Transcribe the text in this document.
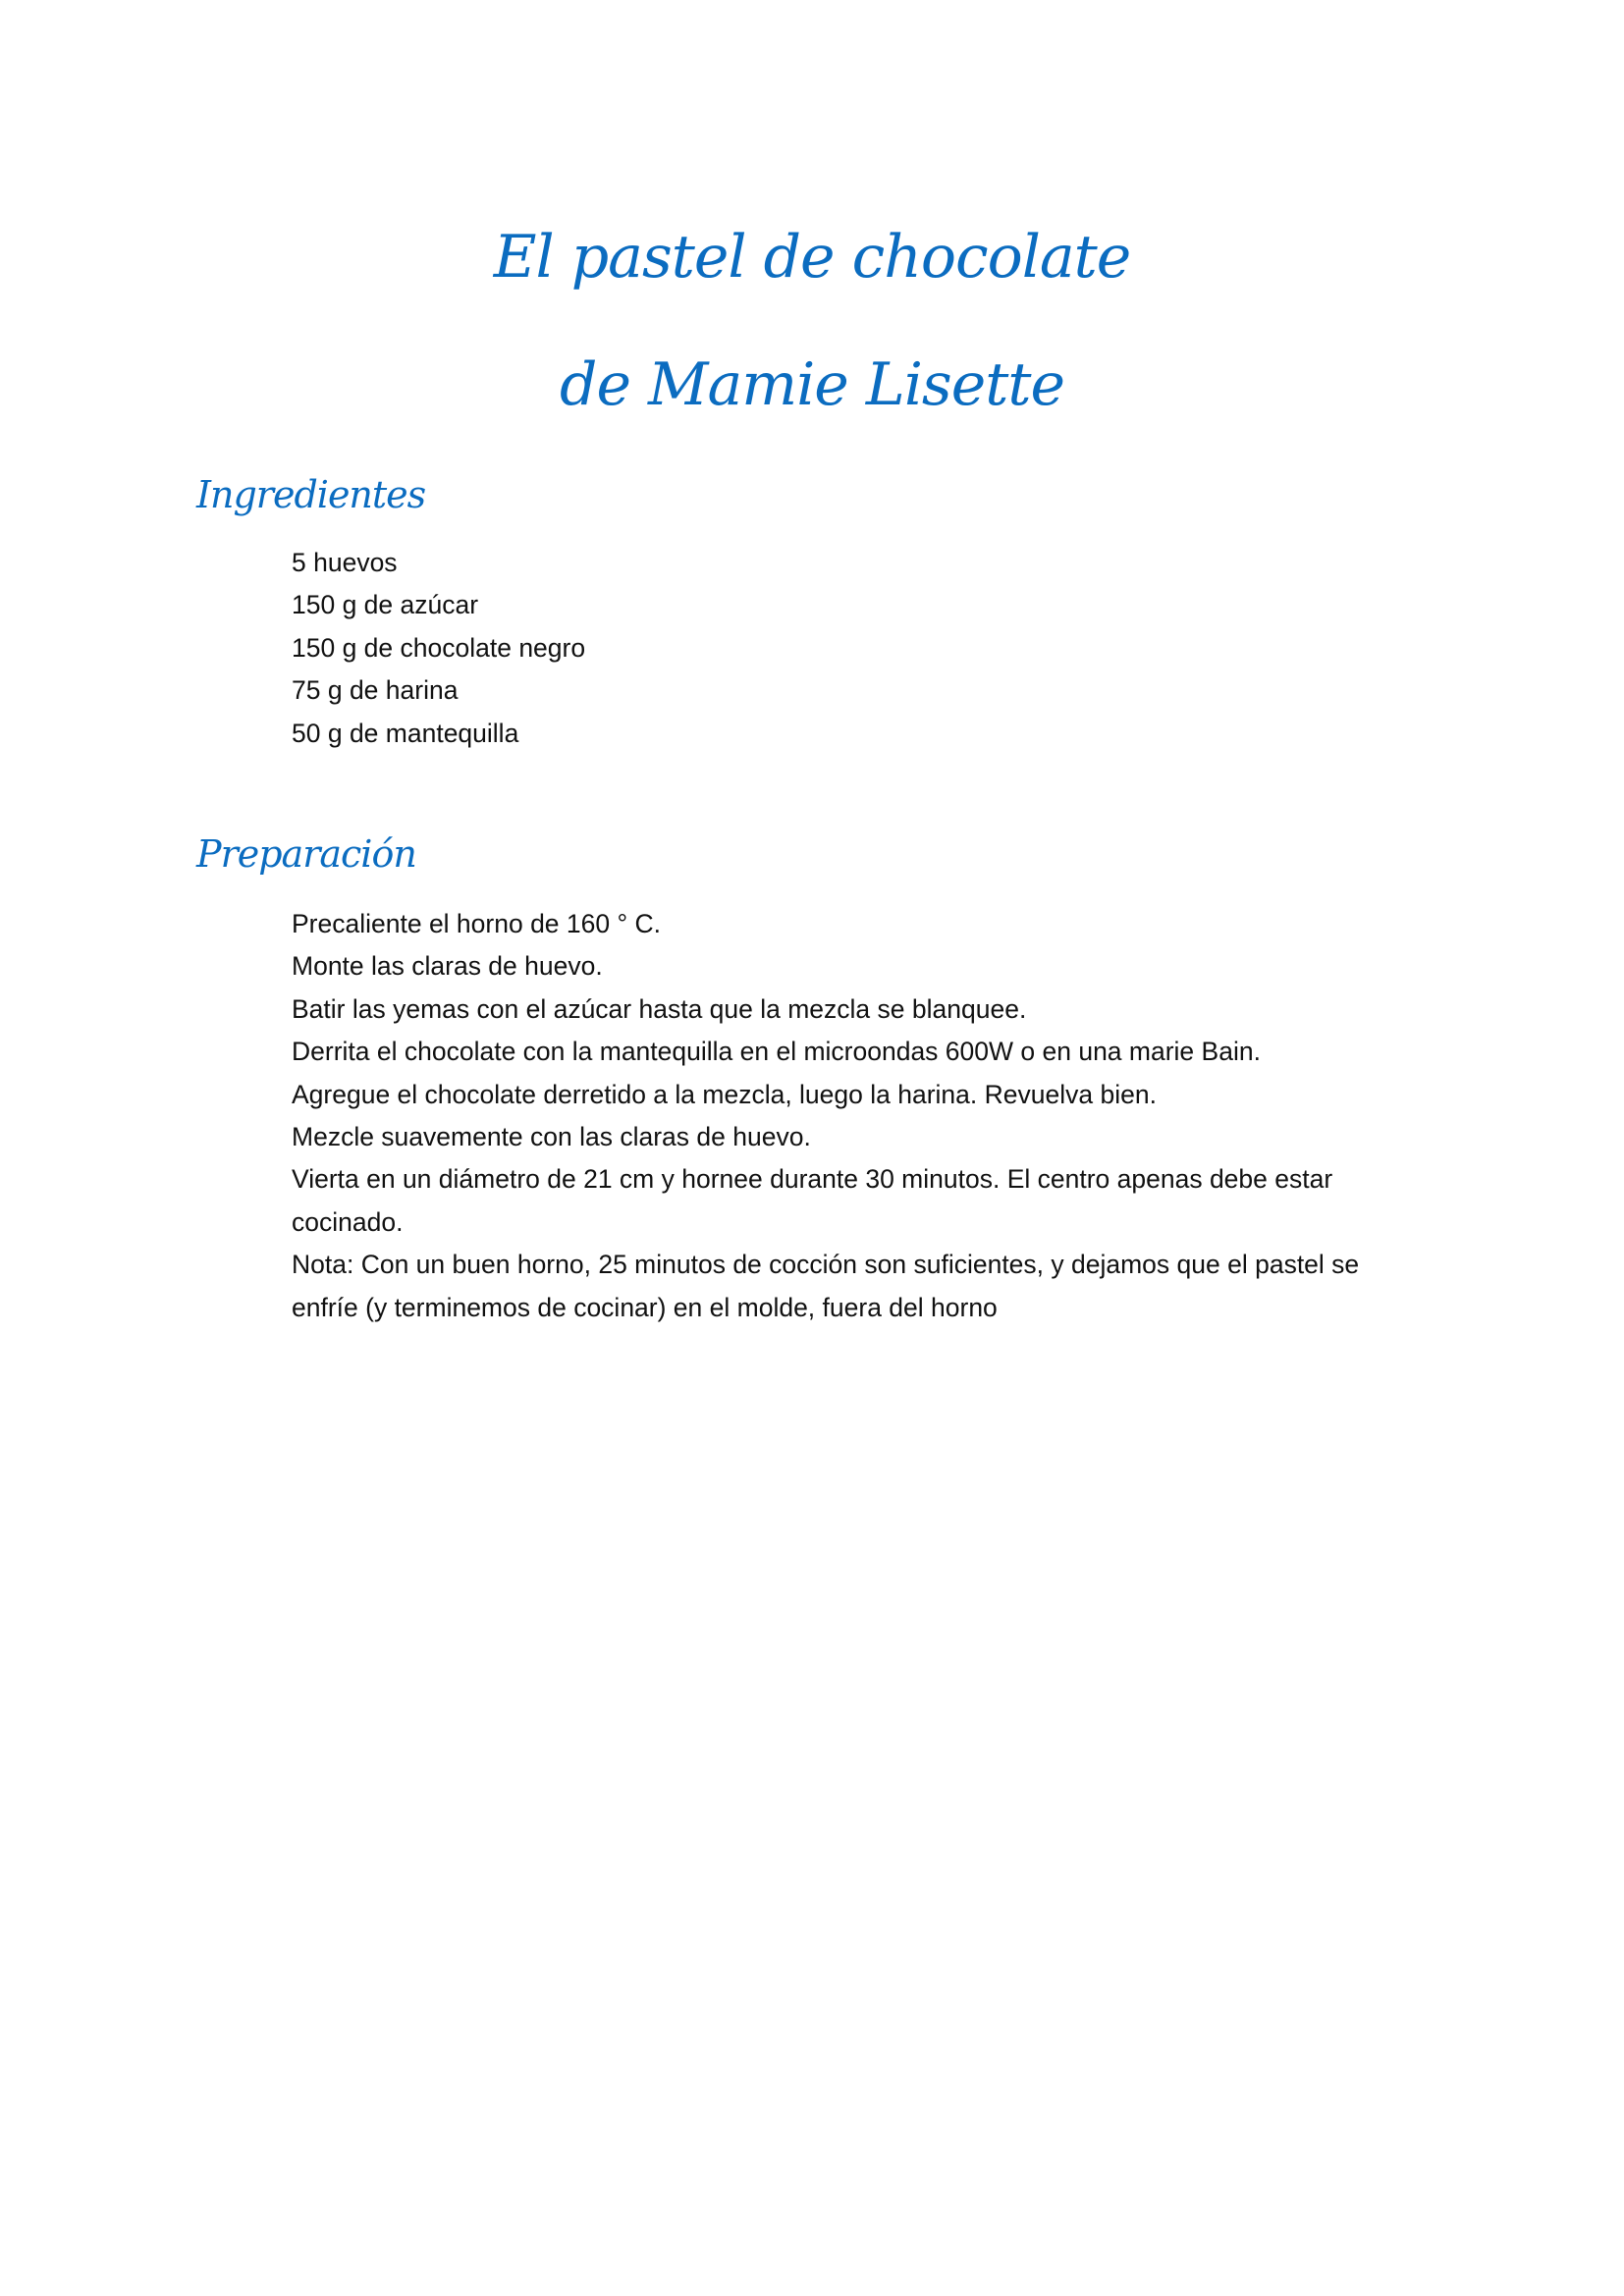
El pastel de chocolate
de Mamie Lisette
Ingredientes
5 huevos
150 g de azúcar
150 g de chocolate negro
75 g de harina
50 g de mantequilla
Preparación
Precaliente el horno de 160 ° C.
Monte las claras de huevo.
Batir las yemas con el azúcar hasta que la mezcla se blanquee.
Derrita el chocolate con la mantequilla en el microondas 600W o en una marie Bain.
Agregue el chocolate derretido a la mezcla, luego la harina. Revuelva bien.
Mezcle suavemente con las claras de huevo.
Vierta en un diámetro de 21 cm y hornee durante 30 minutos. El centro apenas debe estar cocinado.
Nota: Con un buen horno, 25 minutos de cocción son suficientes, y dejamos que el pastel se enfríe (y terminemos de cocinar) en el molde, fuera del horno
